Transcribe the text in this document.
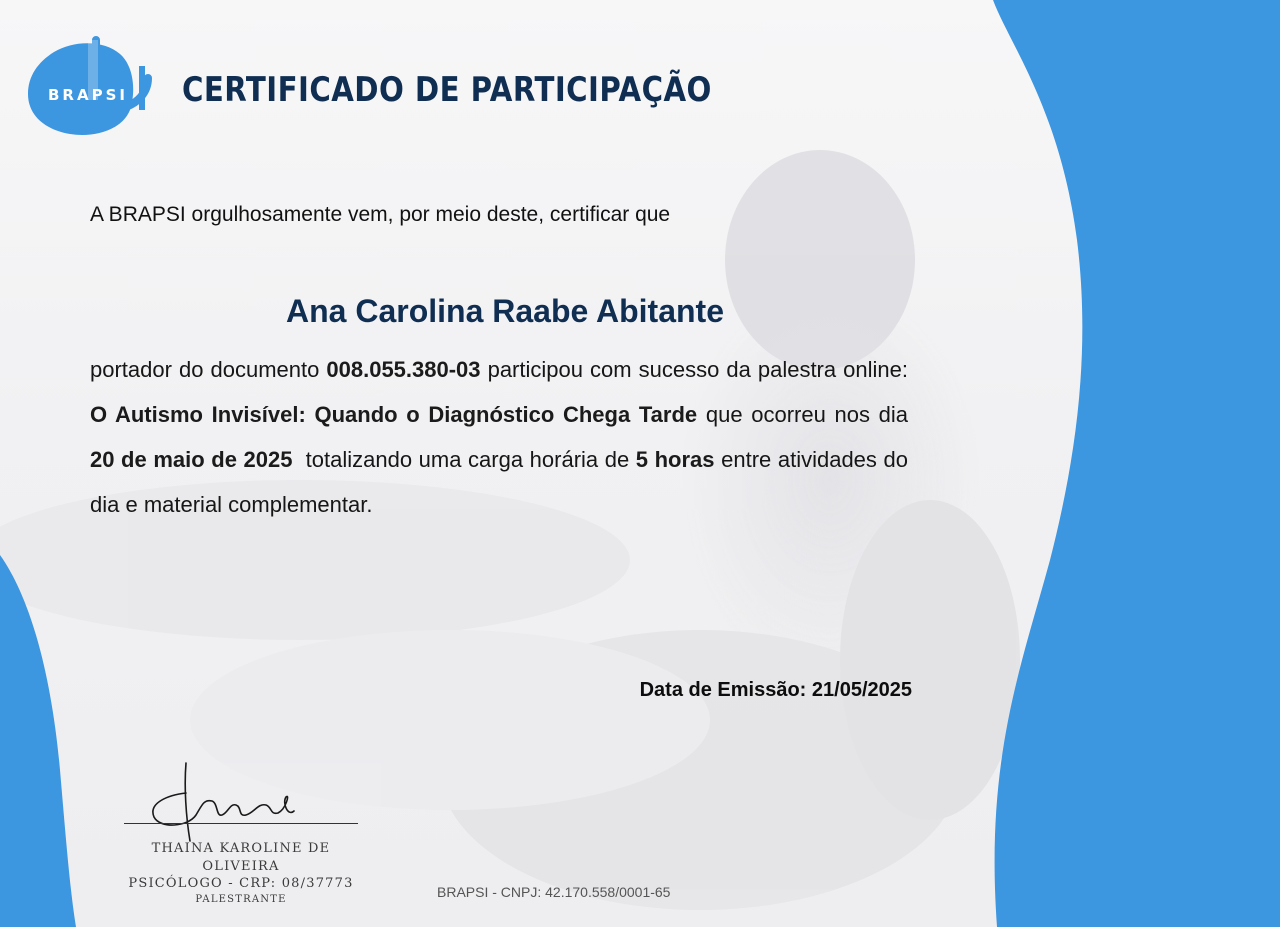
BRAPSI CERTIFICADO DE PARTICIPAÇÃO

A BRAPSI orgulhosamente vem, por meio deste, certificar que

Ana Carolina Raabe Abitante

portador do documento 008.055.380-03 participou com sucesso da palestra online: O Autismo Invisível: Quando o Diagnóstico Chega Tarde que ocorreu nos dia 20 de maio de 2025 totalizando uma carga horária de 5 horas entre atividades do dia e material complementar.

Data de Emissão: 21/05/2025

THAINA KAROLINE DE
OLIVEIRA

PSICÓLOGO - CRP: 08/37773

PALESTRANTE	BRAPSI - CNPJ: 42.170.558/0001-65
